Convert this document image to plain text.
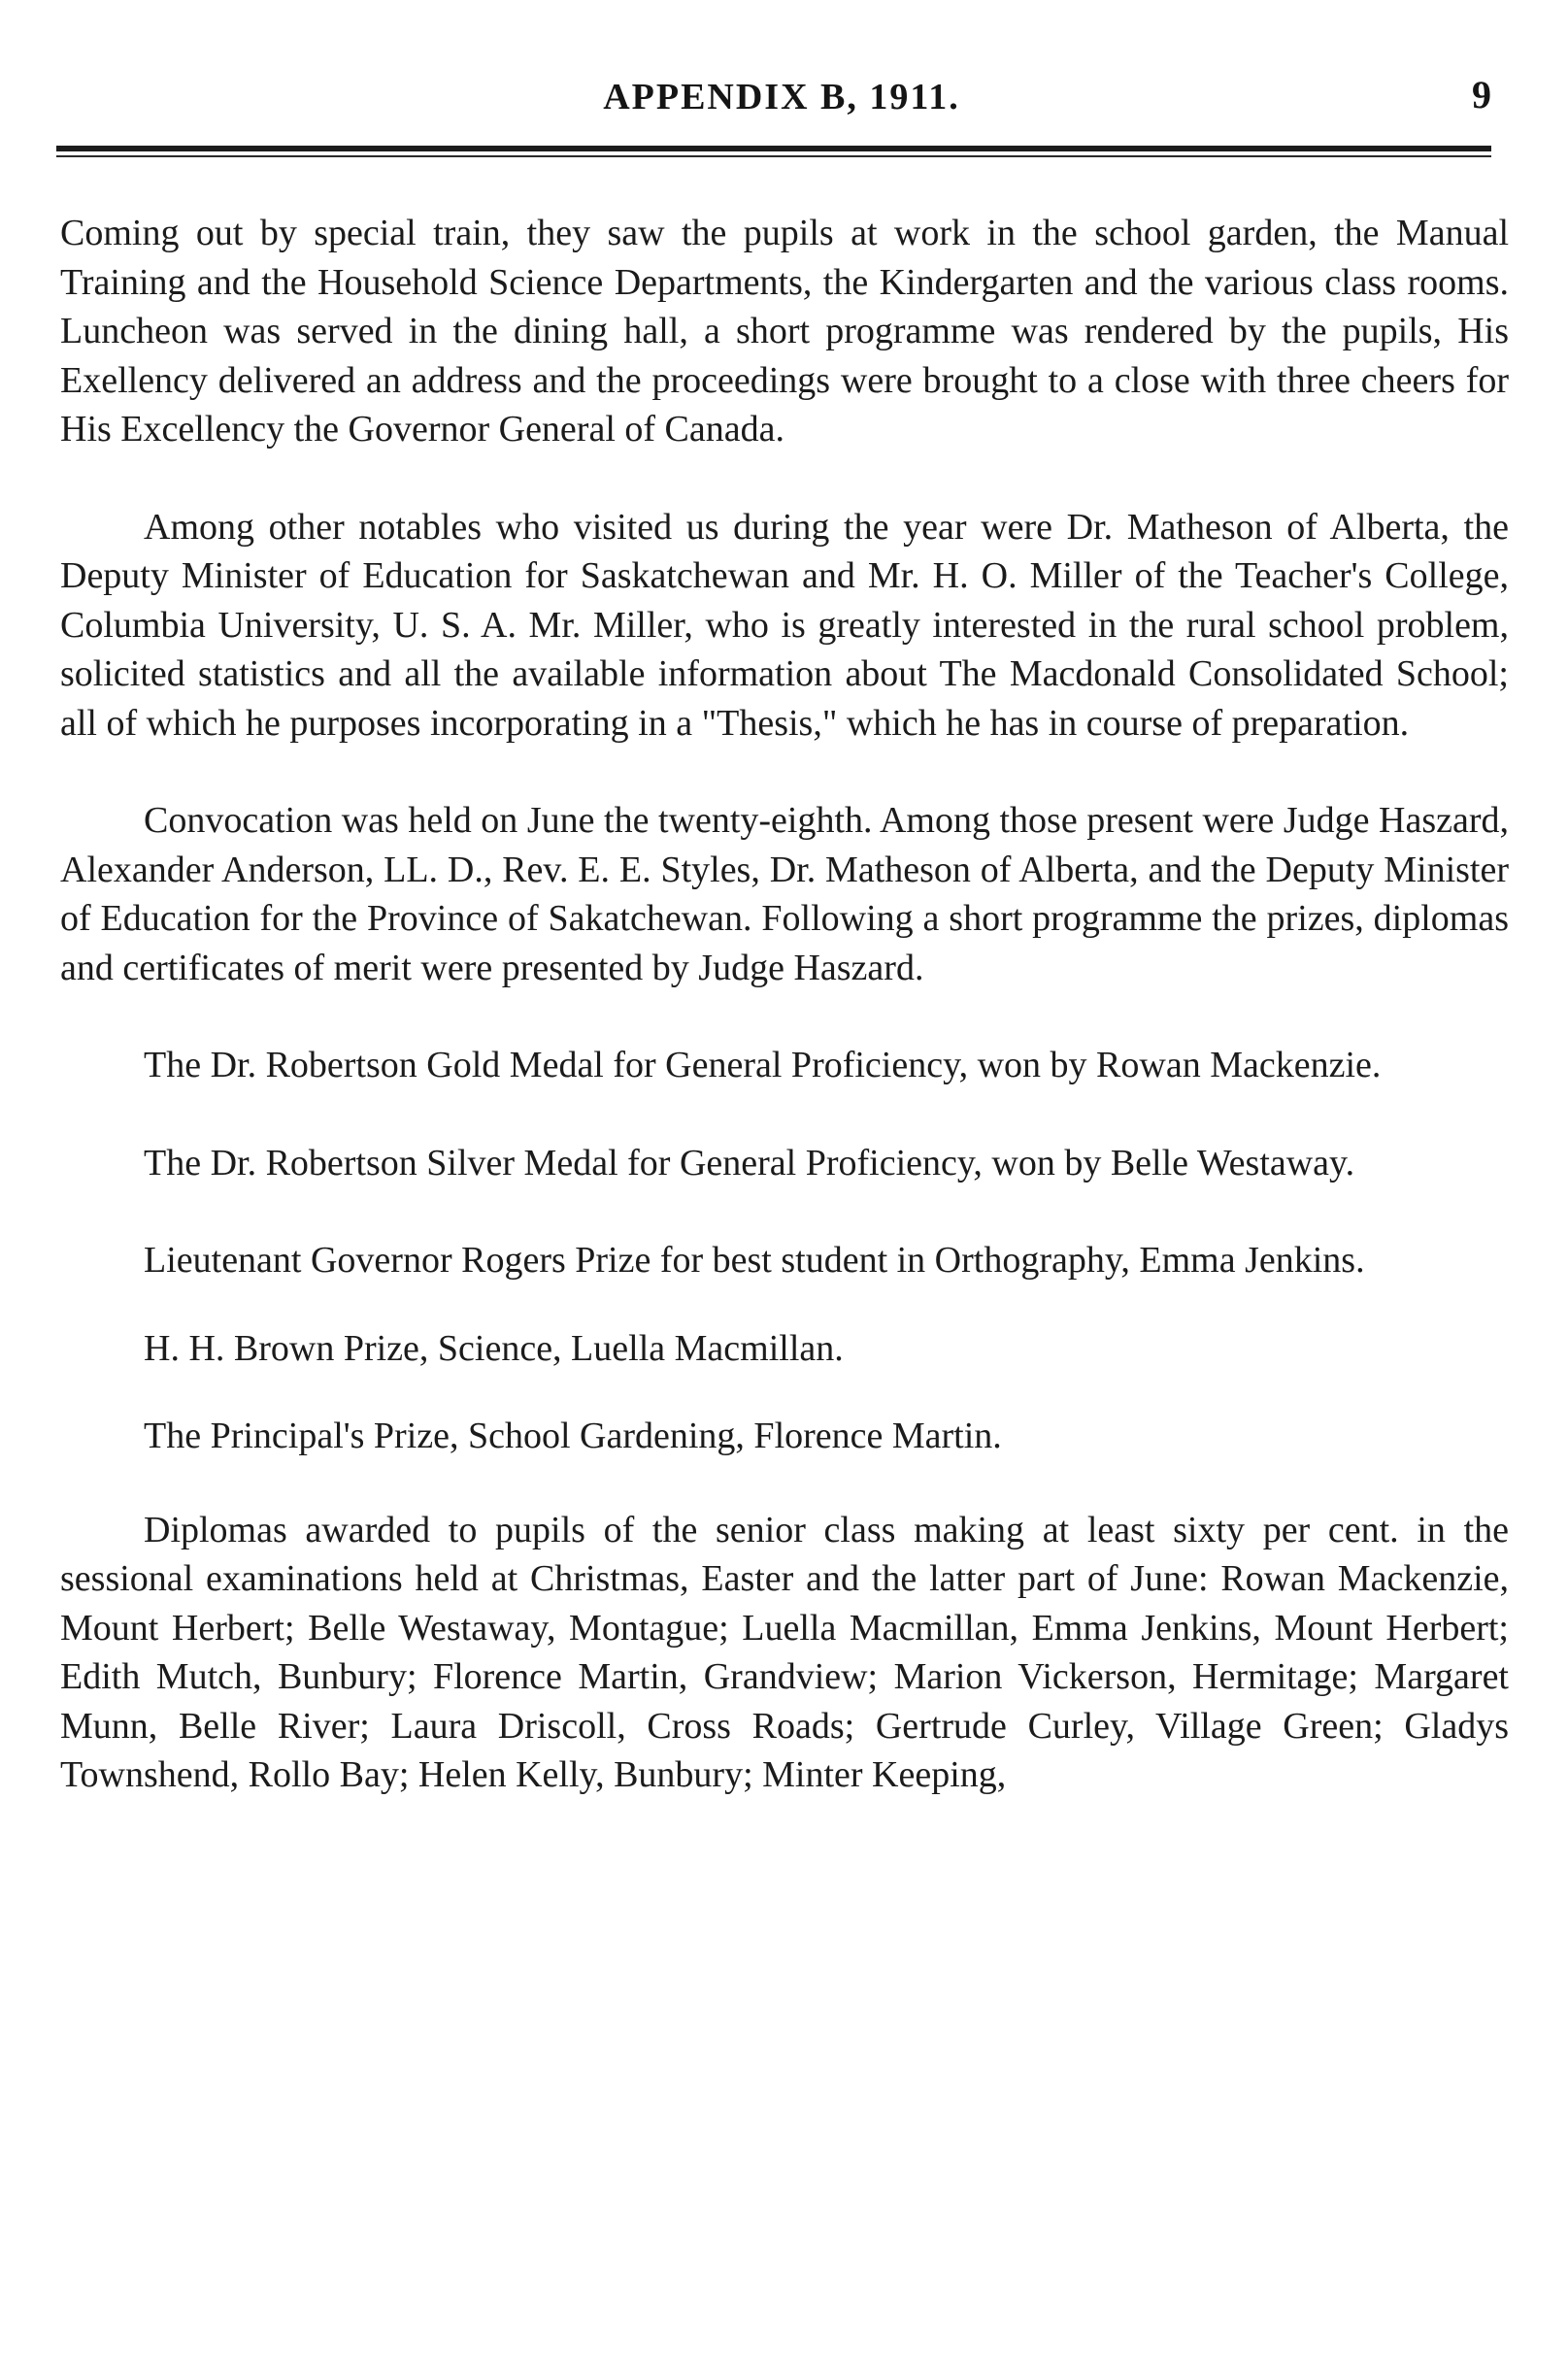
APPENDIX B, 1911.	9

Coming out by special train, they saw the pupils at work in the school garden, the Manual Training and the Household Science Departments, the Kindergarten and the various class rooms. Luncheon was served in the dining hall, a short programme was rendered by the pupils, His Exellency delivered an address and the proceedings were brought to a close with three cheers for His Excellency the Governor General of Canada.

Among other notables who visited us during the year were Dr. Matheson of Alberta, the Deputy Minister of Education for Saskatchewan and Mr. H. O. Miller of the Teacher's College, Columbia University, U. S. A. Mr. Miller, who is greatly interested in the rural school problem, solicited statistics and all the available information about The Macdonald Consolidated School; all of which he purposes incorporating in a "Thesis," which he has in course of preparation.

Convocation was held on June the twenty-eighth. Among those present were Judge Haszard, Alexander Anderson, LL. D., Rev. E. E. Styles, Dr. Matheson of Alberta, and the Deputy Minister of Education for the Province of Sakatchewan. Following a short programme the prizes, diplomas and certificates of merit were presented by Judge Haszard.

The Dr. Robertson Gold Medal for General Proficiency, won by Rowan Mackenzie.

The Dr. Robertson Silver Medal for General Proficiency, won by Belle Westaway.

Lieutenant Governor Rogers Prize for best student in Orthography, Emma Jenkins.

H. H. Brown Prize, Science, Luella Macmillan.

The Principal's Prize, School Gardening, Florence Martin.

Diplomas awarded to pupils of the senior class making at least sixty per cent. in the sessional examinations held at Christmas, Easter and the latter part of June: Rowan Mackenzie, Mount Herbert; Belle Westaway, Montague; Luella Macmillan, Emma Jenkins, Mount Herbert; Edith Mutch, Bunbury; Florence Martin, Grandview; Marion Vickerson, Hermitage; Margaret Munn, Belle River; Laura Driscoll, Cross Roads; Gertrude Curley, Village Green; Gladys Townshend, Rollo Bay; Helen Kelly, Bunbury; Minter Keeping,
